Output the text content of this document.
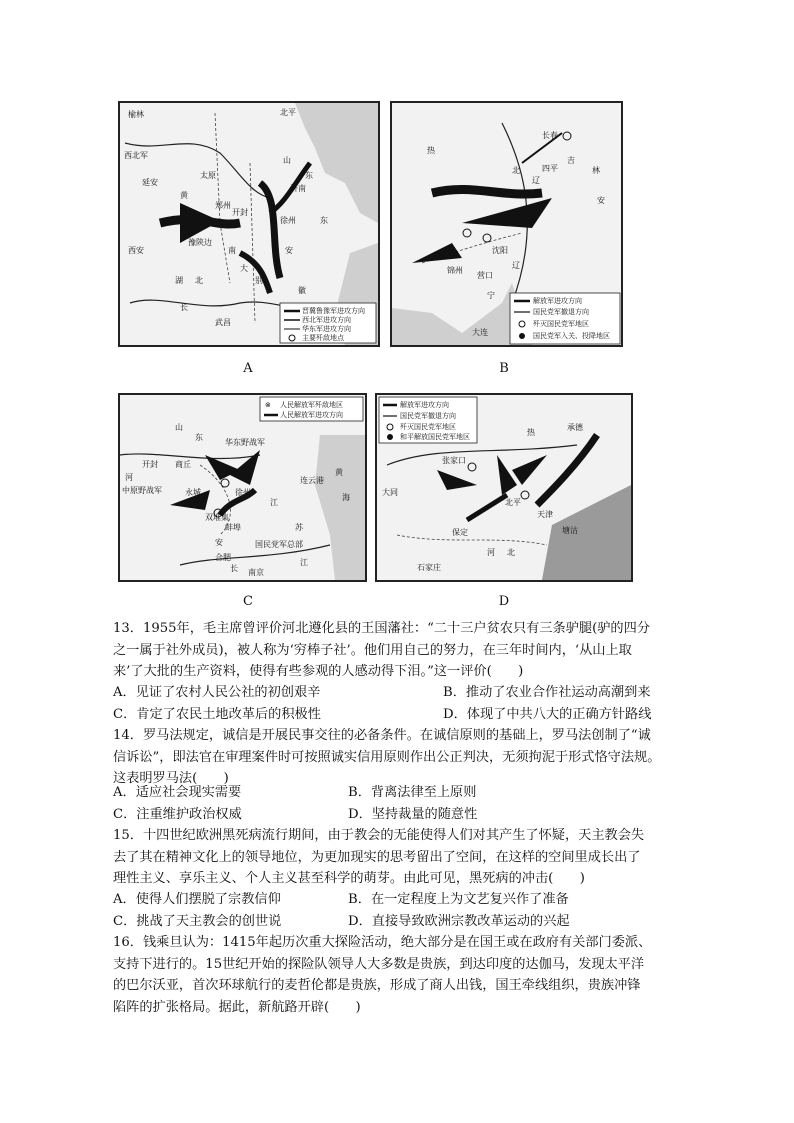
晋冀鲁豫军进攻方向
西北军进攻方向
华东军进攻方向
主要歼敌地点
榆林	北平
西北军
延安
太原
黄
河
西安
豫陕边
湖 北
长
武昌
山
东
济南
南	安
大
别
徽
郑州
开封
徐州	东
A
解放军进攻方向
国民党军撤退方向
歼灭国民党军地区
国民党军入关、投降地区
长春
热
河
吉
林
北
辽
安
四平
沈阳
锦州
营口
辽
宁
大连
B
⊗ 人民解放军歼敌地区
人民解放军进攻方向
山
东
华东野战军
开封 商丘
连云港
河
中原野战军	永城	徐州
双堆集
江
安
蚌埠
黄
海
苏
国民党军总部
合肥
南京
长
江
C
解放军进攻方向
国民党军撤退方向
歼灭国民党军地区
和平解放国民党军地区
张家口
承德
大同
北平
天津
塘沽
石家庄
保定
河 北
热
D
13．1955年，毛主席曾评价河北遵化县的王国藩社：“二十三户贫农只有三条驴腿(驴的四分
之一属于社外成员)，被人称为‘穷棒子社’。他们用自己的努力，在三年时间内，‘从山上取
来’了大批的生产资料，使得有些参观的人感动得下泪。”这一评价(　　)
A．见证了农村人民公社的初创艰辛	B．推动了农业合作社运动高潮到来
C．肯定了农民土地改革后的积极性	D．体现了中共八大的正确方针路线
14．罗马法规定，诚信是开展民事交往的必备条件。在诚信原则的基础上，罗马法创制了“诚
信诉讼”，即法官在审理案件时可按照诚实信用原则作出公正判决，无须拘泥于形式恪守法规。
这表明罗马法(　　)
A．适应社会现实需要	B．背离法律至上原则
C．注重维护政治权威	D．坚持裁量的随意性
15．十四世纪欧洲黑死病流行期间，由于教会的无能使得人们对其产生了怀疑，天主教会失
去了其在精神文化上的领导地位，为更加现实的思考留出了空间，在这样的空间里成长出了
理性主义、享乐主义、个人主义甚至科学的萌芽。由此可见，黑死病的冲击(　　)
A．使得人们摆脱了宗教信仰	B．在一定程度上为文艺复兴作了准备
C．挑战了天主教会的创世说	D．直接导致欧洲宗教改革运动的兴起
16．钱乘旦认为：1415年起历次重大探险活动，绝大部分是在国王或在政府有关部门委派、
支持下进行的。15世纪开始的探险队领导人大多数是贵族，到达印度的达伽马，发现太平洋
的巴尔沃亚，首次环球航行的麦哲伦都是贵族，形成了商人出钱，国王牵线组织，贵族冲锋
陷阵的扩张格局。据此，新航路开辟(　　)
